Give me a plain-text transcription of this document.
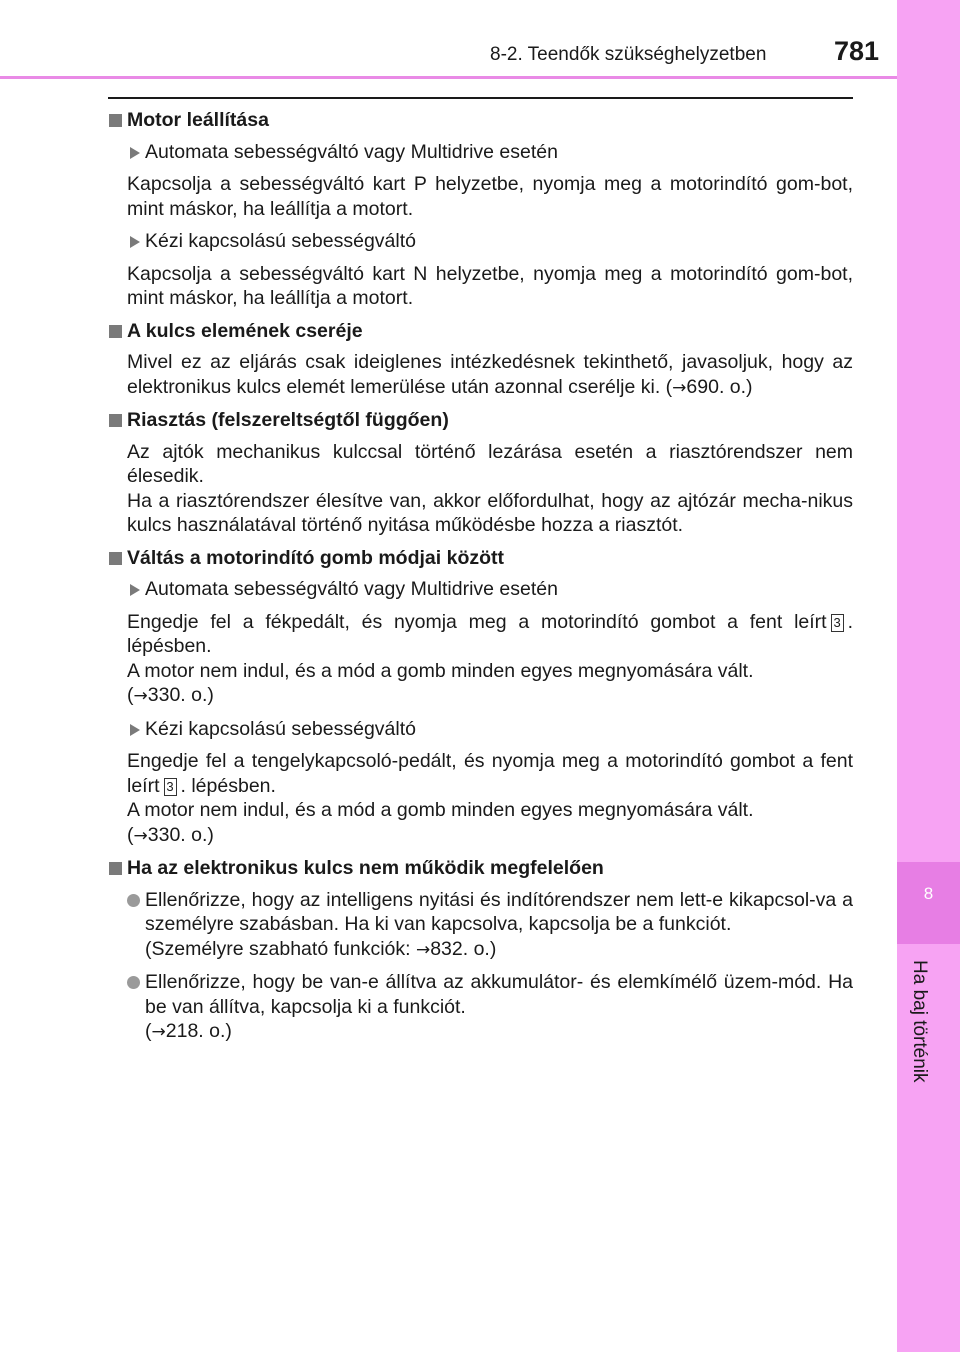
8-2. Teendők szükséghelyzetben	781
8
Ha baj történik
Motor leállítása
Automata sebességváltó vagy Multidrive esetén
Kapcsolja a sebességváltó kart P helyzetbe, nyomja meg a motorindító gom-bot, mint máskor, ha leállítja a motort.
Kézi kapcsolású sebességváltó
Kapcsolja a sebességváltó kart N helyzetbe, nyomja meg a motorindító gom-bot, mint máskor, ha leállítja a motort.
A kulcs elemének cseréje
Mivel ez az eljárás csak ideiglenes intézkedésnek tekinthető, javasoljuk, hogy az elektronikus kulcs elemét lemerülése után azonnal cserélje ki. (→690. o.)
Riasztás (felszereltségtől függően)
Az ajtók mechanikus kulccsal történő lezárása esetén a riasztórendszer nem élesedik.
Ha a riasztórendszer élesítve van, akkor előfordulhat, hogy az ajtózár mecha-nikus kulcs használatával történő nyitása működésbe hozza a riasztót.
Váltás a motorindító gomb módjai között
Automata sebességváltó vagy Multidrive esetén
Engedje fel a fékpedált, és nyomja meg a motorindító gombot a fent leírt 3 . lépésben.
A motor nem indul, és a mód a gomb minden egyes megnyomására vált.
(→330. o.)
Kézi kapcsolású sebességváltó
Engedje fel a tengelykapcsoló-pedált, és nyomja meg a motorindító gombot a fent leírt 3 . lépésben.
A motor nem indul, és a mód a gomb minden egyes megnyomására vált.
(→330. o.)
Ha az elektronikus kulcs nem működik megfelelően
Ellenőrizze, hogy az intelligens nyitási és indítórendszer nem lett-e kikapcsol-va a személyre szabásban. Ha ki van kapcsolva, kapcsolja be a funkciót.
(Személyre szabható funkciók: →832. o.)
Ellenőrizze, hogy be van-e állítva az akkumulátor- és elemkímélő üzem-mód. Ha be van állítva, kapcsolja ki a funkciót.
(→218. o.)
